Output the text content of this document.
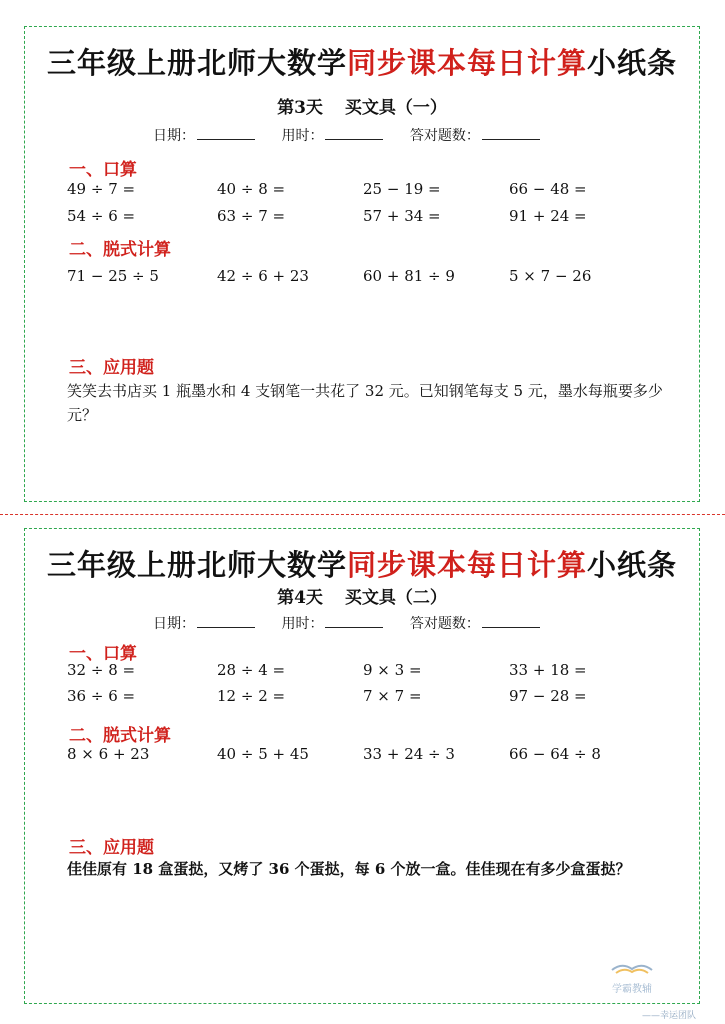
三年级上册北师大数学同步课本每日计算小纸条
第3天 买文具（一）
日期：	用时：	答对题数：
一、口算
49 ÷ 7 =	40 ÷ 8 =	25 − 19 =	66 − 48 =
54 ÷ 6 =	63 ÷ 7 =	57 + 34 =	91 + 24 =
二、脱式计算
71 − 25 ÷ 5	42 ÷ 6 + 23	60 + 81 ÷ 9	5 × 7 − 26
三、应用题
笑笑去书店买 1 瓶墨水和 4 支钢笔一共花了 32 元。已知钢笔每支 5 元，墨水每瓶要多少元？
三年级上册北师大数学同步课本每日计算小纸条
第4天 买文具（二）
日期：	用时：	答对题数：
一、口算
32 ÷ 8 =	28 ÷ 4 =	9 × 3 =	33 + 18 =
36 ÷ 6 =	12 ÷ 2 =	7 × 7 =	97 − 28 =
二、脱式计算
8 × 6 + 23	40 ÷ 5 + 45	33 + 24 ÷ 3	66 − 64 ÷ 8
三、应用题
佳佳原有 18 盒蛋挞，又烤了 36 个蛋挞，每 6 个放一盒。佳佳现在有多少盒蛋挞？
学霸教辅
——幸运团队
